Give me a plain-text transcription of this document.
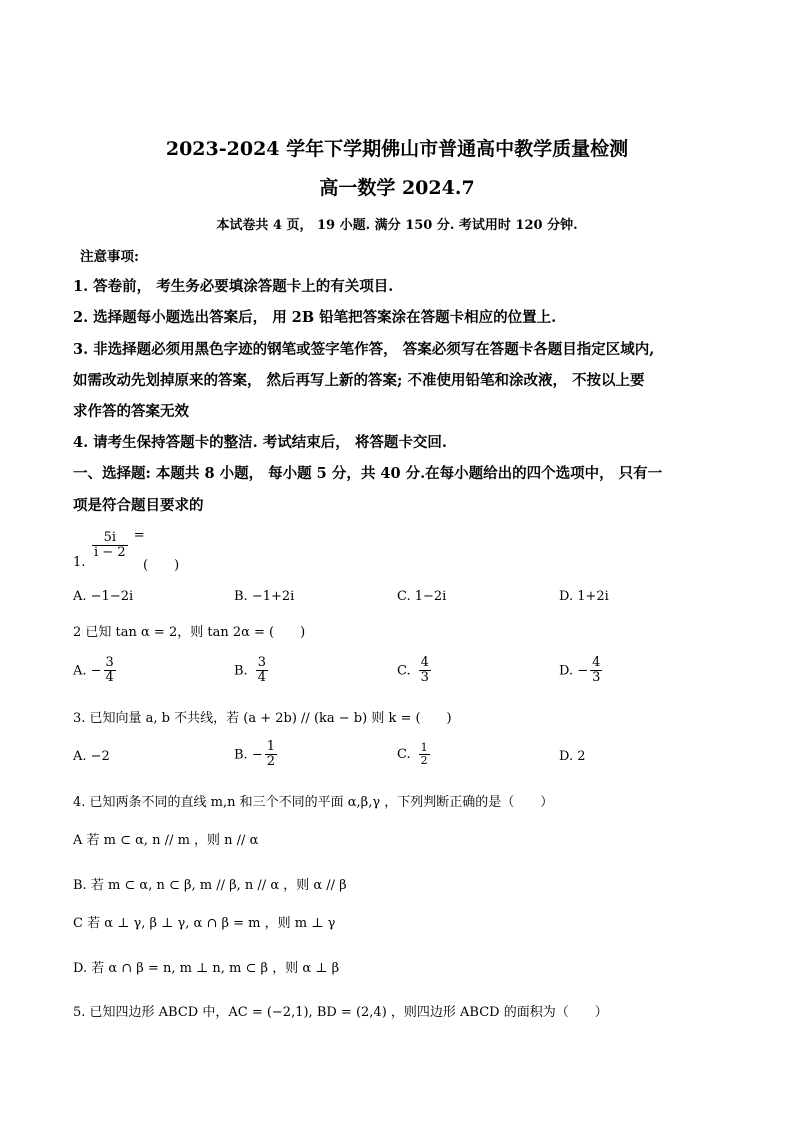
2023-2024 学年下学期佛山市普通高中教学质量检测
高一数学 2024.7
本试卷共 4 页， 19 小题. 满分 150 分. 考试用时 120 分钟.
注意事项:
1. 答卷前， 考生务必要填涂答题卡上的有关项目.
2. 选择题每小题选出答案后， 用 2B 铅笔把答案涂在答题卡相应的位置上.
3. 非选择题必须用黑色字迹的钢笔或签字笔作答， 答案必须写在答题卡各题目指定区域内,
如需改动先划掉原来的答案， 然后再写上新的答案; 不准使用铅笔和涂改液， 不按以上要
求作答的答案无效
4. 请考生保持答题卡的整洁. 考试结束后， 将答题卡交回.
一、选择题: 本题共 8 小题， 每小题 5 分，共 40 分.在每小题给出的四个选项中， 只有一
项是符合题目要求的
1.
$\frac{5i}{i - 2}$ =
(　　)
A. −1−2i	B. −1+2i	C. 1−2i	D. 1+2i
2 已知 tan α = 2，则 tan 2α = (　　)
A. − $\frac{3}{4}$	B. $\frac{3}{4}$	C. $\frac{4}{3}$	D. − $\frac{4}{3}$
3. 已知向量 a, b 不共线，若 (a + 2b) // (ka − b) 则 k = (　　)
A. −2	B. − $\frac{1}{2}$	C. $\frac{1}{2}$	D. 2
4. 已知两条不同的直线 m,n 和三个不同的平面 α,β,γ ，下列判断正确的是（　　）
A 若 m ⊂ α, n // m ，则 n // α
B. 若 m ⊂ α, n ⊂ β, m // β, n // α ，则 α // β
C 若 α ⊥ γ, β ⊥ γ, α ∩ β = m ，则 m ⊥ γ
D. 若 α ∩ β = n, m ⊥ n, m ⊂ β ，则 α ⊥ β
5. 已知四边形 ABCD 中，AC = (−2,1), BD = (2,4) ，则四边形 ABCD 的面积为（　　）
